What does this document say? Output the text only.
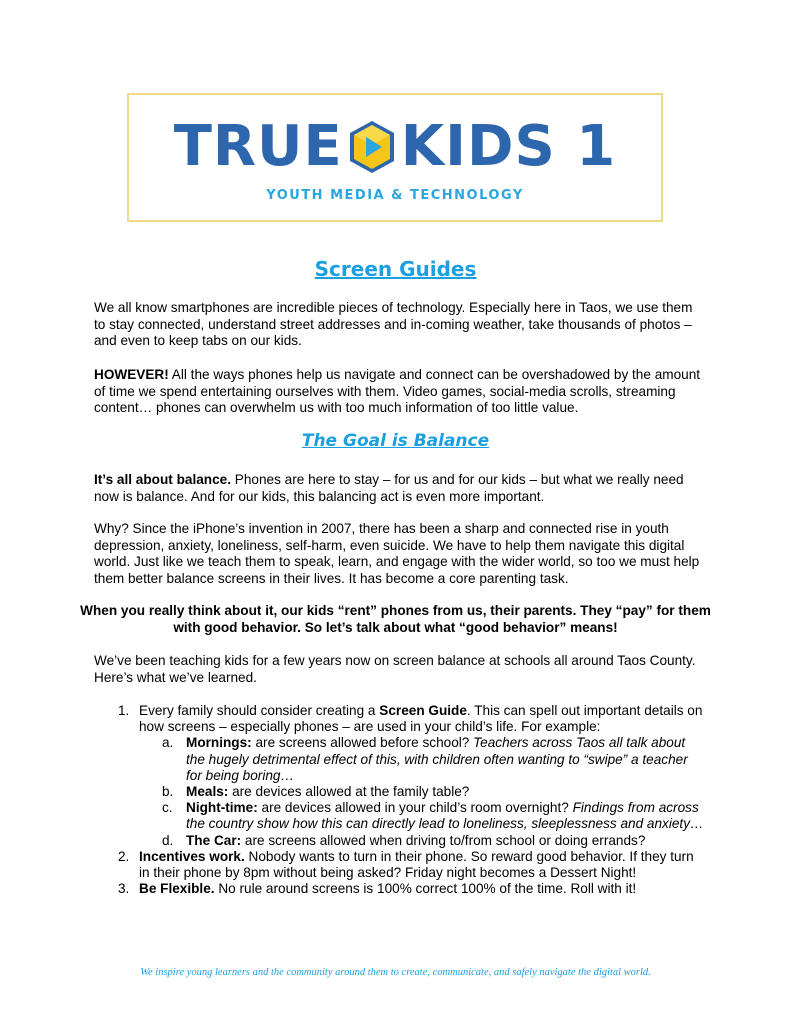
TRUE KIDS 1
YOUTH MEDIA & TECHNOLOGY
Screen Guides
We all know smartphones are incredible pieces of technology. Especially here in Taos, we use them to stay connected, understand street addresses and in-coming weather, take thousands of photos – and even to keep tabs on our kids.
HOWEVER! All the ways phones help us navigate and connect can be overshadowed by the amount of time we spend entertaining ourselves with them. Video games, social-media scrolls, streaming content… phones can overwhelm us with too much information of too little value.
The Goal is Balance
It’s all about balance. Phones are here to stay – for us and for our kids – but what we really need now is balance. And for our kids, this balancing act is even more important.
Why? Since the iPhone’s invention in 2007, there has been a sharp and connected rise in youth depression, anxiety, loneliness, self-harm, even suicide. We have to help them navigate this digital world. Just like we teach them to speak, learn, and engage with the wider world, so too we must help them better balance screens in their lives. It has become a core parenting task.
When you really think about it, our kids “rent” phones from us, their parents. They “pay” for them with good behavior. So let’s talk about what “good behavior” means!
We’ve been teaching kids for a few years now on screen balance at schools all around Taos County. Here’s what we’ve learned.
1. Every family should consider creating a Screen Guide. This can spell out important details on how screens – especially phones – are used in your child’s life. For example:
a. Mornings: are screens allowed before school? Teachers across Taos all talk about the hugely detrimental effect of this, with children often wanting to “swipe” a teacher for being boring…
b. Meals: are devices allowed at the family table?
c. Night-time: are devices allowed in your child’s room overnight? Findings from across the country show how this can directly lead to loneliness, sleeplessness and anxiety…
d. The Car: are screens allowed when driving to/from school or doing errands?
2. Incentives work. Nobody wants to turn in their phone. So reward good behavior. If they turn in their phone by 8pm without being asked? Friday night becomes a Dessert Night!
3. Be Flexible. No rule around screens is 100% correct 100% of the time. Roll with it!
We inspire young learners and the community around them to create, communicate, and safely navigate the digital world.
